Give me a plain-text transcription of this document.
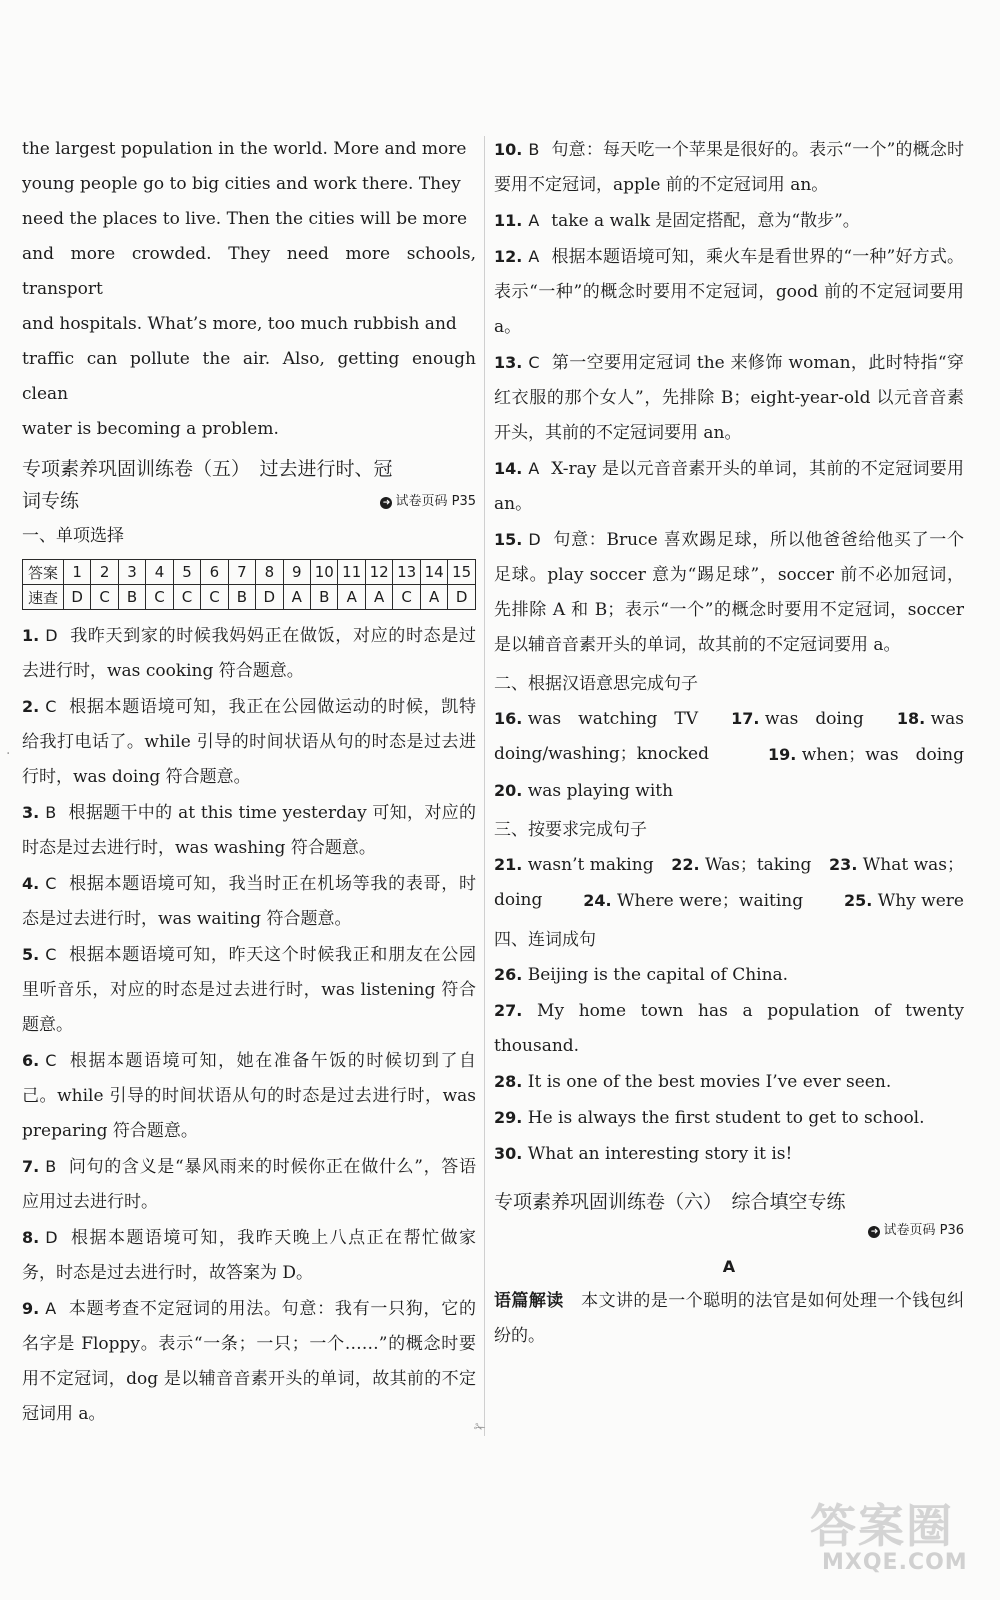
·
✁
the largest population in the world. More and more
young people go to big cities and work there. They
need the places to live. Then the cities will be more
and more crowded. They need more schools, transport
and hospitals. What’s more, too much rubbish and
traffic can pollute the air. Also, getting enough clean
water is becoming a problem.
专项素养巩固训练卷（五）　过去进行时、冠
词专练	➜ 试卷页码 P35
一、单项选择
答案	1	2	3	4	5	6	7	8	9	10	11	12	13	14	15
速查	D	C	B	C	C	C	B	D	A	B	A	A	C	A	D

1. D 我昨天到家的时候我妈妈正在做饭，对应的时态是过去进行时，was cooking 符合题意。

2. C 根据本题语境可知，我正在公园做运动的时候，凯特给我打电话了。while 引导的时间状语从句的时态是过去进行时，was doing 符合题意。

3. B 根据题干中的 at this time yesterday 可知，对应的时态是过去进行时，was washing 符合题意。

4. C 根据本题语境可知，我当时正在机场等我的表哥，时态是过去进行时，was waiting 符合题意。

5. C 根据本题语境可知，昨天这个时候我正和朋友在公园里听音乐，对应的时态是过去进行时，was listening 符合题意。

6. C 根据本题语境可知，她在准备午饭的时候切到了自己。while 引导的时间状语从句的时态是过去进行时，was preparing 符合题意。

7. B 问句的含义是“暴风雨来的时候你正在做什么”，答语应用过去进行时。

8. D 根据本题语境可知，我昨天晚上八点正在帮忙做家务，时态是过去进行时，故答案为 D。

9. A 本题考查不定冠词的用法。句意：我有一只狗，它的名字是 Floppy。表示“一条；一只；一个……”的概念时要用不定冠词，dog 是以辅音音素开头的单词，故其前的不定冠词用 a。

10. B 句意：每天吃一个苹果是很好的。表示“一个”的概念时要用不定冠词，apple 前的不定冠词用 an。

11. A take a walk 是固定搭配，意为“散步”。

12. A 根据本题语境可知，乘火车是看世界的“一种”好方式。表示“一种”的概念时要用不定冠词，good 前的不定冠词要用 a。

13. C 第一空要用定冠词 the 来修饰 woman，此时特指“穿红衣服的那个女人”，先排除 B；eight-year-old 以元音音素开头，其前的不定冠词要用 an。

14. A X-ray 是以元音音素开头的单词，其前的不定冠词要用 an。

15. D 句意：Bruce 喜欢踢足球，所以他爸爸给他买了一个足球。play soccer 意为“踢足球”，soccer 前不必加冠词，先排除 A 和 B；表示“一个”的概念时要用不定冠词，soccer 是以辅音音素开头的单词，故其前的不定冠词要用 a。

二、根据汉语意思完成句子
16. was　watching　TV 17. was　doing 18. was
doing/washing；knocked	19. when；was　doing
20. was playing with
三、按要求完成句子
21. wasn’t making 22. Was；taking 23. What was；
doing	24. Where were；waiting	25. Why were
四、连词成句

26. Beijing is the capital of China.

27. My home town has a population of twenty thousand.

28. It is one of the best movies I’ve ever seen.

29. He is always the first student to get to school.

30. What an interesting story it is!

专项素养巩固训练卷（六）　综合填空专练
➜ 试卷页码 P36
A

语篇解读　 本文讲的是一个聪明的法官是如何处理一个钱包纠纷的。

答案圈
MXQE.COM
